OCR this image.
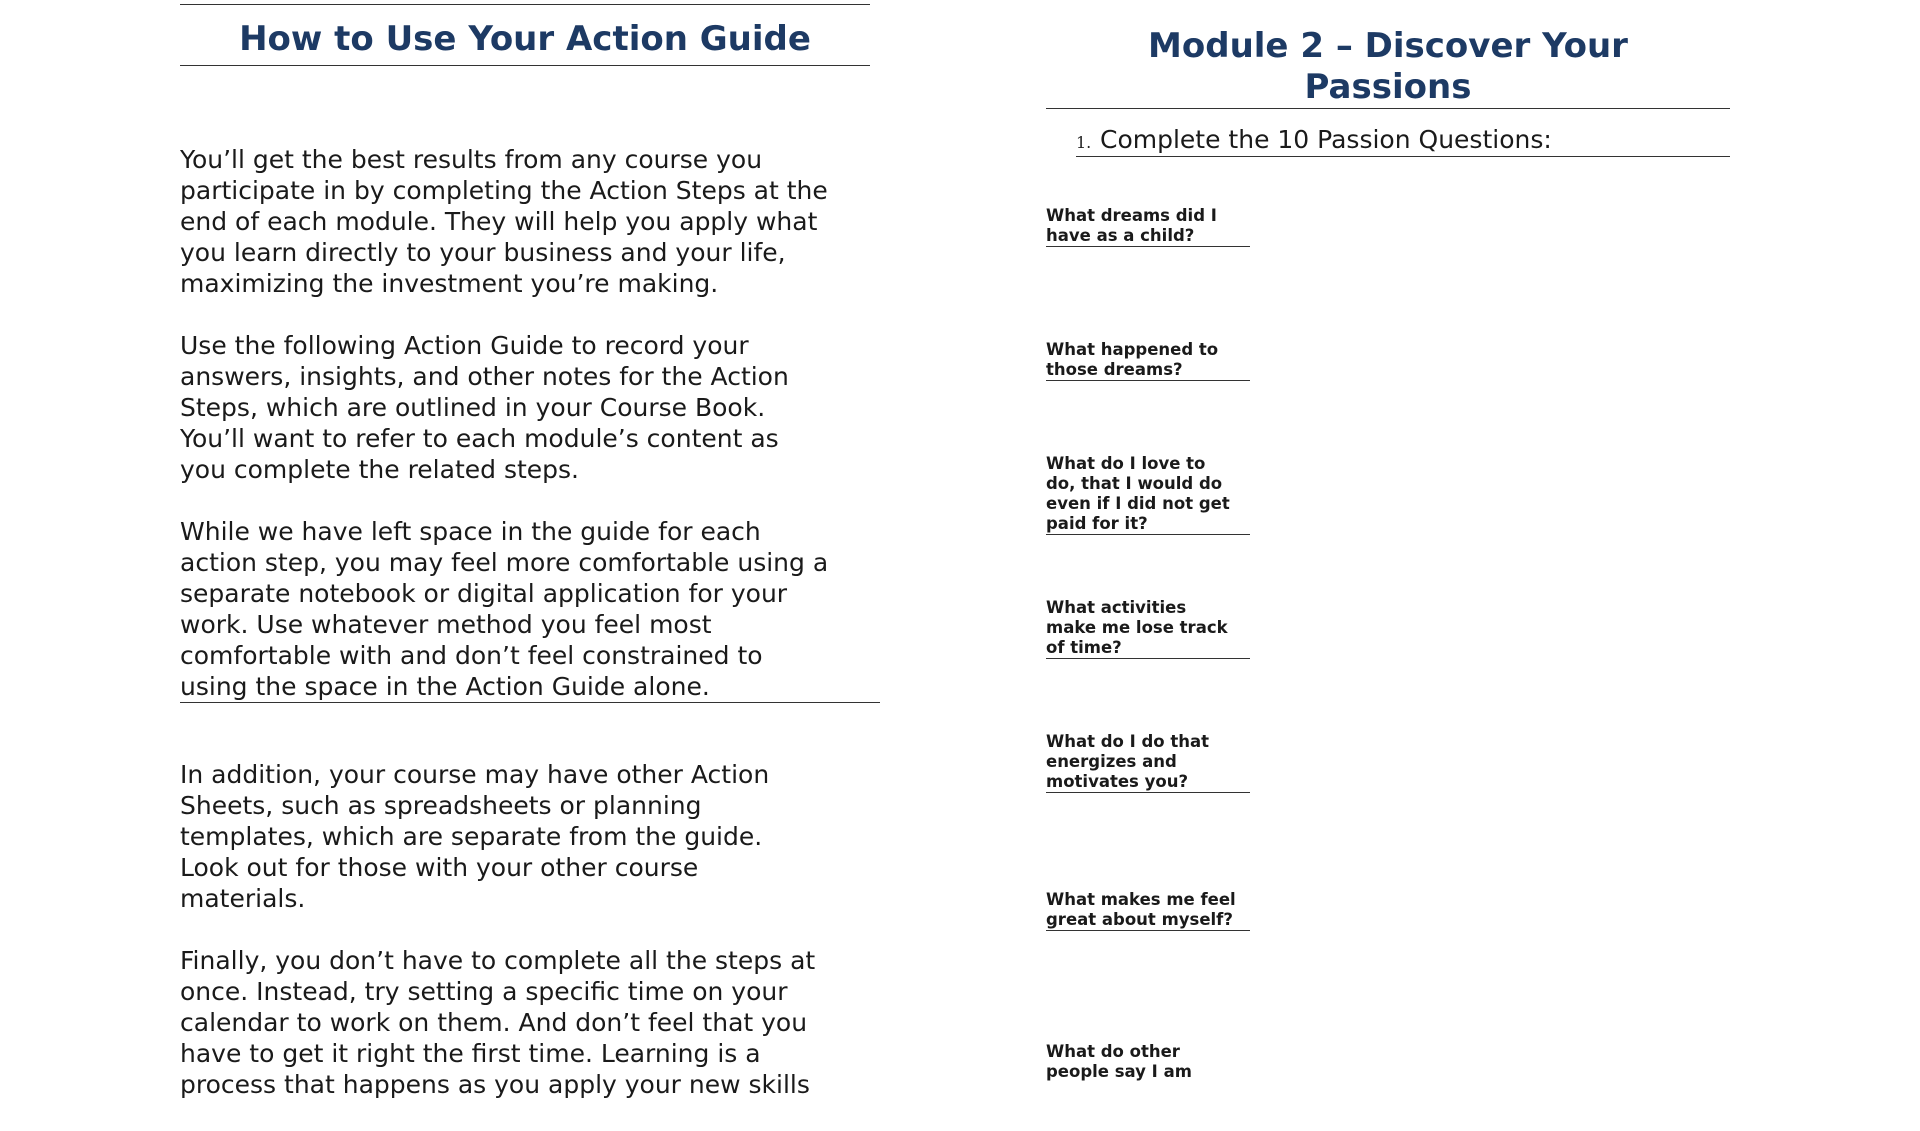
How to Use Your Action Guide

You’ll get the best results from any course you
participate in by completing the Action Steps at the
end of each module. They will help you apply what
you learn directly to your business and your life,
maximizing the investment you’re making.

Use the following Action Guide to record your
answers, insights, and other notes for the Action
Steps, which are outlined in your Course Book.
You’ll want to refer to each module’s content as
you complete the related steps.

While we have left space in the guide for each
action step, you may feel more comfortable using a
separate notebook or digital application for your
work. Use whatever method you feel most
comfortable with and don’t feel constrained to
using the space in the Action Guide alone.

In addition, your course may have other Action
Sheets, such as spreadsheets or planning
templates, which are separate from the guide.
Look out for those with your other course
materials.

Finally, you don’t have to complete all the steps at
once. Instead, try setting a specific time on your
calendar to work on them. And don’t feel that you
have to get it right the first time. Learning is a
process that happens as you apply your new skills

Module 2 – Discover Your
Passions
1. Complete the 10 Passion Questions:
What dreams did I
have as a child?
What happened to
those dreams?
What do I love to
do, that I would do
even if I did not get
paid for it?
What activities
make me lose track
of time?
What do I do that
energizes and
motivates you?
What makes me feel
great about myself?
What do other
people say I am
